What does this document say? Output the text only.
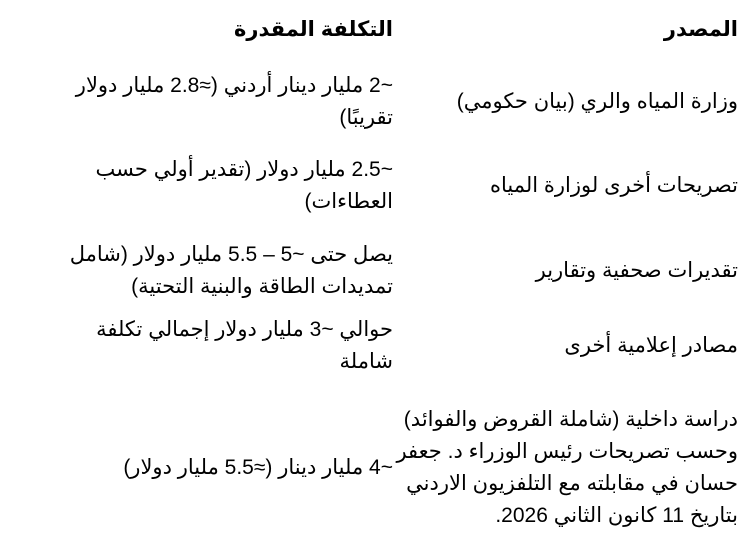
المصدر	التكلفة المقدرة
وزارة المياه والري (بيان حكومي)	~2 مليار دينار أردني (≈2.8 مليار دولار تقريبًا)
تصريحات أخرى لوزارة المياه	~2.5 مليار دولار (تقدير أولي حسب العطاءات)
تقديرات صحفية وتقارير	يصل حتى ~5 – 5.5 مليار دولار (شامل تمديدات الطاقة والبنية التحتية)
مصادر إعلامية أخرى	حوالي ~3 مليار دولار إجمالي تكلفة شاملة
دراسة داخلية (شاملة القروض والفوائد) وحسب تصريحات رئيس الوزراء د. جعفر حسان في مقابلته مع التلفزيون الاردني بتاريخ 11 كانون الثاني 2026.	~4 مليار دينار (≈5.5 مليار دولار)
